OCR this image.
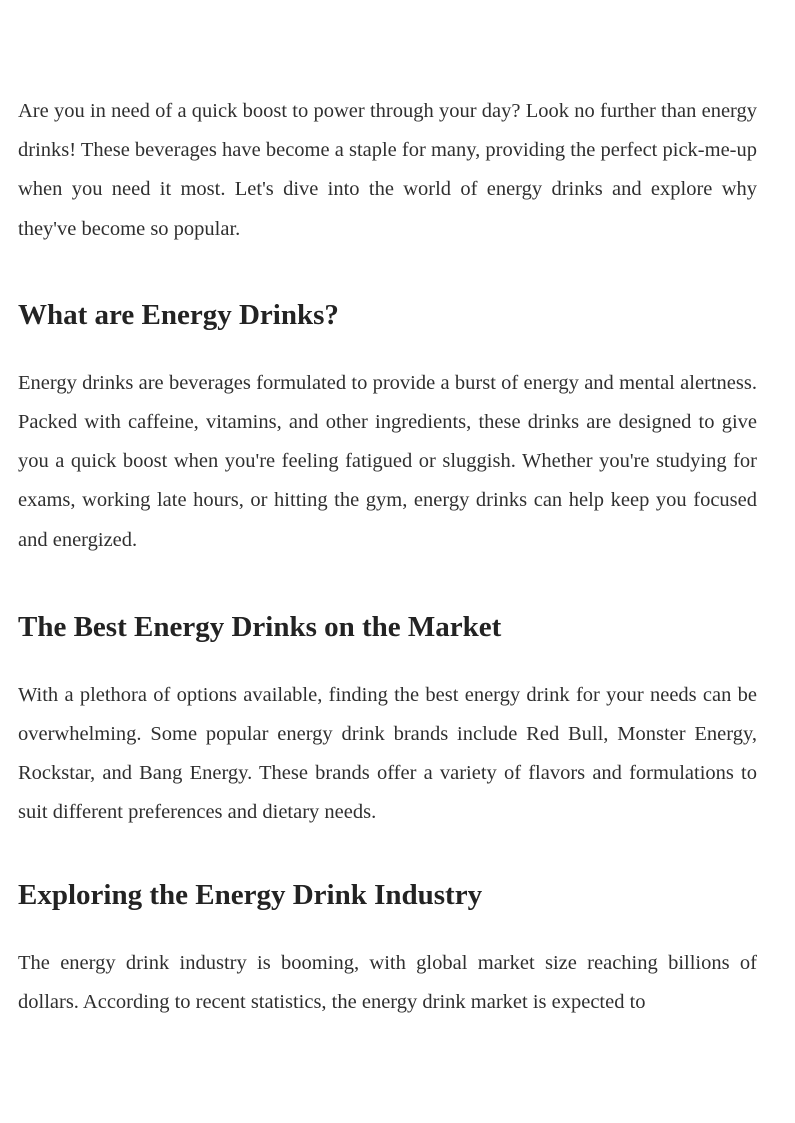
Are you in need of a quick boost to power through your day? Look no further than energy drinks! These beverages have become a staple for many, providing the perfect pick-me-up when you need it most. Let's dive into the world of energy drinks and explore why they've become so popular.

What are Energy Drinks?

Energy drinks are beverages formulated to provide a burst of energy and mental alertness. Packed with caffeine, vitamins, and other ingredients, these drinks are designed to give you a quick boost when you're feeling fatigued or sluggish. Whether you're studying for exams, working late hours, or hitting the gym, energy drinks can help keep you focused and energized.

The Best Energy Drinks on the Market

With a plethora of options available, finding the best energy drink for your needs can be overwhelming. Some popular energy drink brands include Red Bull, Monster Energy, Rockstar, and Bang Energy. These brands offer a variety of flavors and formulations to suit different preferences and dietary needs.

Exploring the Energy Drink Industry

The energy drink industry is booming, with global market size reaching billions of dollars. According to recent statistics, the energy drink market is expected to
